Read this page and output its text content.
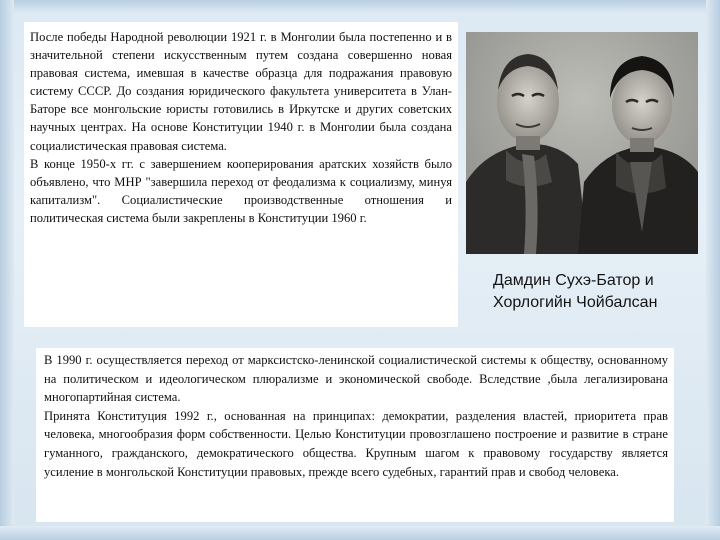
После победы Народной революции 1921 г. в Монголии была постепенно и в значительной степени искусственным путем создана совершенно новая правовая система, имевшая в качестве образца для подражания правовую систему СССР. До создания юридического факультета университета в Улан-Баторе все монгольские юристы готовились в Иркутске и других советских научных центрах. На основе Конституции 1940 г. в Монголии была создана социалистическая правовая система.

В конце 1950-х гг. с завершением кооперирования аратских хозяйств было объявлено, что МНР "завершила переход от феодализма к социализму, минуя капитализм". Социалистические производственные отношения и политическая система были закреплены в Конституции 1960 г.

Дамдин Сухэ-Батор и Хорлогийн Чойбалсан

В 1990 г. осуществляется переход от марксистско-ленинской социалистической системы к обществу, основанному на политическом и идеологическом плюрализме и экономической свободе. Вследствие ,была легализирована многопартийная система.

Принята Конституция 1992 г., основанная на принципах: демократии, разделения властей, приоритета прав человека, многообразия форм собственности. Целью Конституции провозглашено построение и развитие в стране гуманного, гражданского, демократического общества. Крупным шагом к правовому государству является усиление в монгольской Конституции правовых, прежде всего судебных, гарантий прав и свобод человека.
